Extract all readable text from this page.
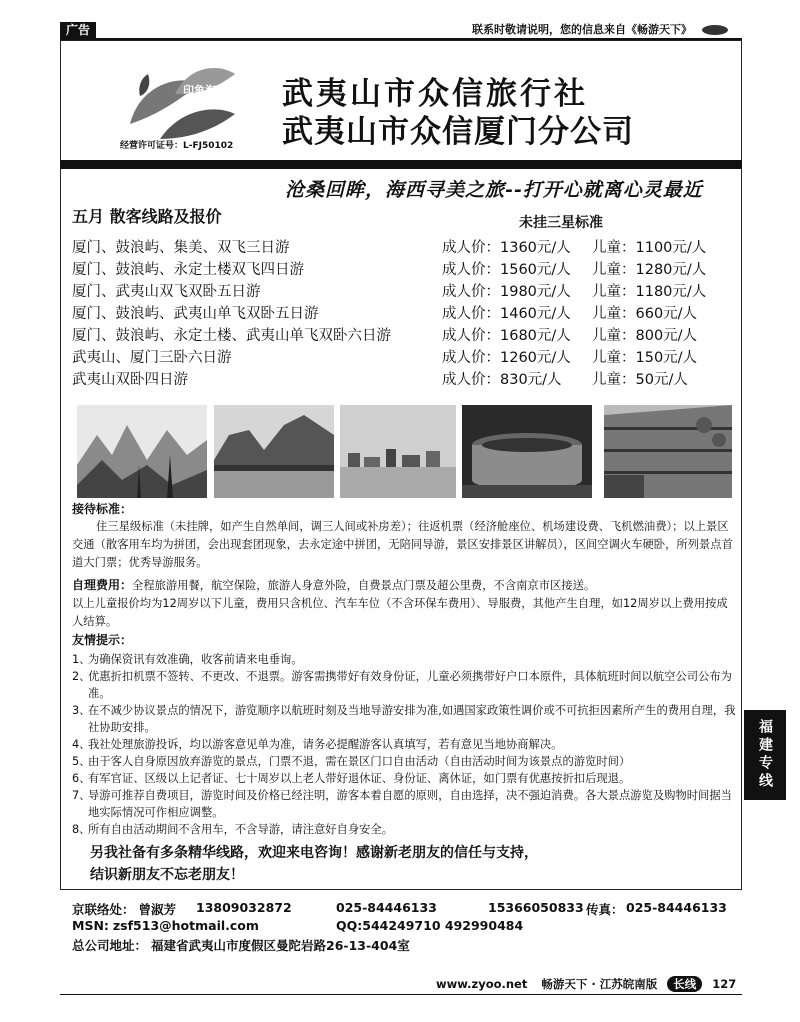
广告	联系时敬请说明，您的信息来自《畅游天下》
印象海西
经营许可证号：L-FJ50102
武夷山市众信旅行社
武夷山市众信厦门分公司
沧桑回眸，海西寻美之旅--打开心就离心灵最近
五月 散客线路及报价	未挂三星标准
厦门、鼓浪屿、集美、双飞三日游	成人价：1360元/人 儿童：1100元/人
厦门、鼓浪屿、永定土楼双飞四日游	成人价：1560元/人 儿童：1280元/人
厦门、武夷山双飞双卧五日游	成人价：1980元/人 儿童：1180元/人
厦门、鼓浪屿、武夷山单飞双卧五日游	成人价：1460元/人 儿童：660元/人
厦门、鼓浪屿、永定土楼、武夷山单飞双卧六日游	成人价：1680元/人 儿童：800元/人
武夷山、厦门三卧六日游	成人价：1260元/人 儿童：150元/人
武夷山双卧四日游	成人价：830元/人 儿童：50元/人
接待标准：
住三星级标准（未挂牌，如产生自然单间，调三人间或补房差）；往返机票（经济舱座位、机场建设费、飞机燃油费）；以上景区交通（散客用车均为拼团，会出现套团现象，去永定途中拼团，无陪同导游，景区安排景区讲解员），区间空调火车硬卧，所列景点首道大门票；优秀导游服务。
自理费用：全程旅游用餐，航空保险，旅游人身意外险，自费景点门票及超公里费，不含南京市区接送。
以上儿童报价均为12周岁以下儿童，费用只含机位、汽车车位（不含环保车费用）、导服费，其他产生自理，如12周岁以上费用按成人结算。
友情提示：
1、
为确保资讯有效准确，收客前请来电垂询。
2、
优惠折扣机票不签转、不更改、不退票。游客需携带好有效身份证，儿童必须携带好户口本原件，具体航班时间以航空公司公布为准。
3、
在不减少协议景点的情况下，游览顺序以航班时刻及当地导游安排为准,如遇国家政策性调价或不可抗拒因素所产生的费用自理，我社协助安排。
4、
我社处理旅游投诉，均以游客意见单为准，请务必提醒游客认真填写，若有意见当地协商解决。
5、
由于客人自身原因放弃游览的景点，门票不退，需在景区门口自由活动（自由活动时间为该景点的游览时间）
6、
有军官证、区级以上记者证、七十周岁以上老人带好退休证、身份证、离休证，如门票有优惠按折扣后现退。
7、
导游可推荐自费项目，游览时间及价格已经注明，游客本着自愿的原则，自由选择，决不强迫消费。各大景点游览及购物时间据当地实际情况可作相应调整。
8、
所有自由活动期间不含用车，不含导游，请注意好自身安全。
另我社备有多条精华线路，欢迎来电咨询！感谢新老朋友的信任与支持，
结识新朋友不忘老朋友！
京联络处： 曾淑芳 13809032872	025-84446133	15366050833 传真： 025-84446133
MSN: zsf513@hotmail.com	QQ:544249710 492990484
总公司地址： 福建省武夷山市度假区曼陀岩路26-13-404室
福建专线
www.zyoo.net 畅游天下 · 江苏皖南版 长线 127
